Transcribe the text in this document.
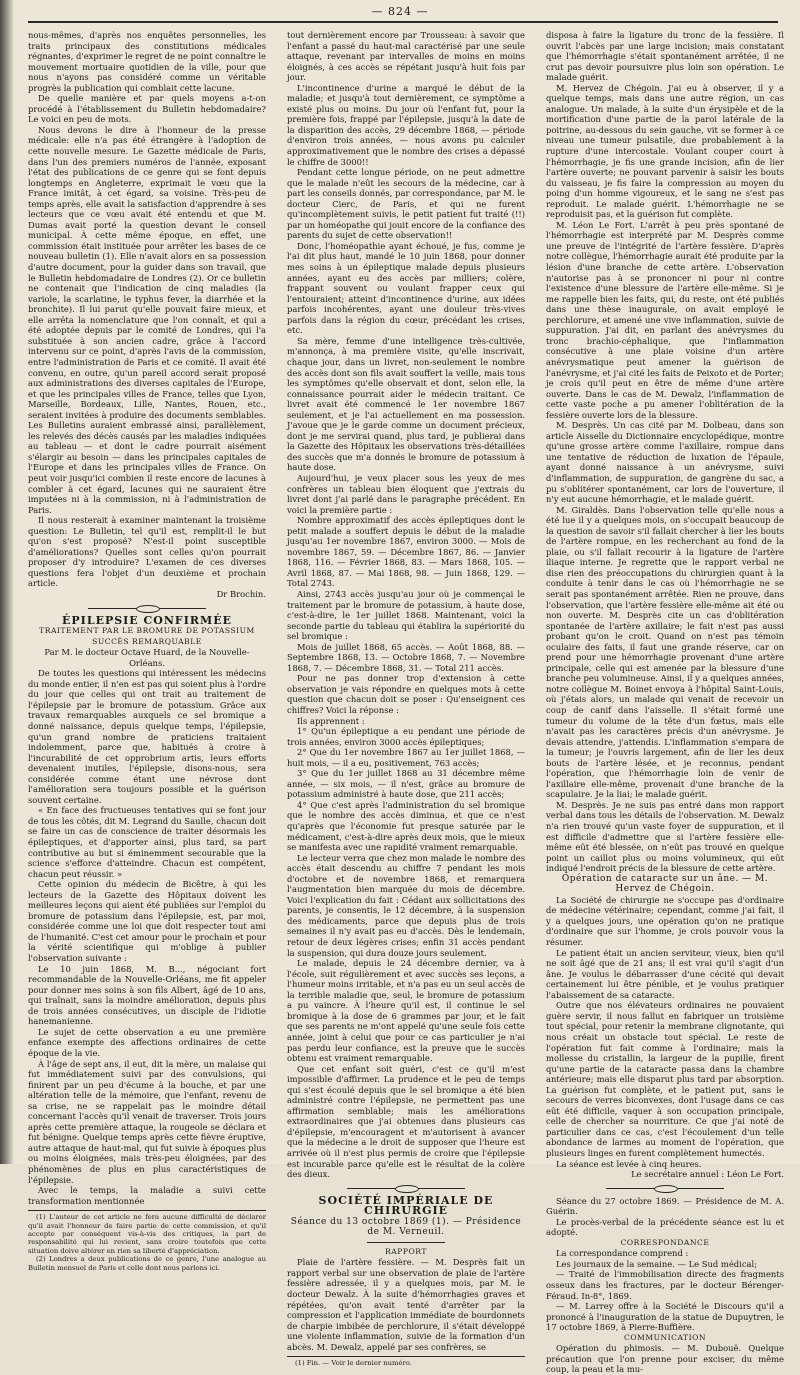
— 824 —

nous-mêmes, d'après nos enquêtes personnelles, les traits principaux des constitutions médicales régnantes, d'exprimer le regret de ne point connaître le mouvement mortuaire quotidien de la ville, pour que nous n'ayons pas considéré comme un véritable progrès la publication qui comblait cette lacune.

De quelle manière et par quels moyens a-t-on procédé à l'établissement du Bulletin hebdomadaire? Le voici en peu de mots.

Nous devons le dire à l'honneur de la presse médicale: elle n'a pas été étrangère à l'adoption de cette nouvelle mesure. Le Gazette médicale de Paris, dans l'un des premiers numéros de l'année, exposant l'état des publications de ce genre qui se font depuis longtemps en Angleterre, exprimait le vœu que la France imitât, à cet égard, sa voisine. Très-peu de temps après, elle avait la satisfaction d'apprendre à ses lecteurs que ce vœu avait été entendu et que M. Dumas avait porté la question devant le conseil municipal. À cette même époque, en effet, une commission était instituée pour arrêter les bases de ce nouveau bulletin (1). Elle n'avait alors en sa possession d'autre document, pour la guider dans son travail, que le Bulletin hebdomadaire de Londres (2). Or ce bulletin ne contenait que l'indication de cinq maladies (la variole, la scarlatine, le typhus fever, la diarrhée et la bronchite). Il lui parut qu'elle pouvait faire mieux, et elle arrêta la nomenclature que l'on connaît, et qui a été adoptée depuis par le comité de Londres, qui l'a substituée à son ancien cadre, grâce à l'accord intervenu sur ce point, d'après l'avis de la commission, entre l'administration de Paris et ce comité. Il avait été convenu, en outre, qu'un pareil accord serait proposé aux administrations des diverses capitales de l'Europe, et que les principales villes de France, telles que Lyon, Marseille, Bordeaux, Lille, Nantes, Rouen, etc., seraient invitées à produire des documents semblables. Les Bulletins auraient embrassé ainsi, parallèlement, les relevés des décès causés par les maladies indiquées au tableau — et dont le cadre pourrait aisément s'élargir au besoin — dans les principales capitales de l'Europe et dans les principales villes de France. On peut voir jusqu'ici combien il reste encore de lacunes à combler à cet égard, lacunes qui ne sauraient être imputées ni à la commission, ni à l'administration de Paris.

Il nous resterait à examiner maintenant la troisième question: Le Bulletin, tel qu'il est, remplit-il le but qu'on s'est proposé? N'est-il point susceptible d'améliorations? Quelles sont celles qu'on pourrait proposer d'y introduire? L'examen de ces diverses questions fera l'objet d'un deuxième et prochain article.

Dr Brochin.

ÉPILEPSIE CONFIRMÉE

TRAITEMENT PAR LE BROMURE DE POTASSIUM

SUCCÈS REMARQUABLE

Par M. le docteur Octave Huard, de la Nouvelle-Orléans.

De toutes les questions qui intéressent les médecins du monde entier, il n'en est pas qui soient plus à l'ordre du jour que celles qui ont trait au traitement de l'épilepsie par le bromure de potassium. Grâce aux travaux remarquables auxquels ce sel bromique a donné naissance, depuis quelque temps, l'épilepsie, qu'un grand nombre de praticiens traitaient indolemment, parce que, habitués à croire à l'incurabilité de cet opprobrium artis, leurs efforts devenaient inutiles, l'épilepsie, disons-nous, sera considérée comme étant une névrose dont l'amélioration sera toujours possible et la guérison souvent certaine.

« En face des fructueuses tentatives qui se font jour de tous les côtés, dit M. Legrand du Saulle, chacun doit se faire un cas de conscience de traiter désormais les épileptiques, et d'apporter ainsi, plus tard, sa part contributive au but si éminemment secourable que la science s'efforce d'atteindre. Chacun est compétent, chacun peut réussir. »

Cette opinion du médecin de Bicêtre, à qui les lecteurs de la Gazette des Hôpitaux doivent les meilleures leçons qui aient été publiées sur l'emploi du bromure de potassium dans l'épilepsie, est, par moi, considérée comme une loi que doit respecter tout ami de l'humanité. C'est cet amour pour le prochain et pour la vérité scientifique qui m'oblige à publier l'observation suivante :

Le 10 juin 1868, M. B..., négociant fort recommandable de la Nouvelle-Orléans, me fit appeler pour donner mes soins à son fils Albert, âgé de 10 ans, qui traînait, sans la moindre amélioration, depuis plus de trois années consécutives, un disciple de l'idiotie hanemanienne.

Le sujet de cette observation a eu une première enfance exempte des affections ordinaires de cette époque de la vie.

À l'âge de sept ans, il eut, dit la mère, un malaise qui fut immédiatement suivi par des convulsions, qui finirent par un peu d'écume à la bouche, et par une altération telle de la mémoire, que l'enfant, revenu de sa crise, ne se rappelait pas le moindre détail concernant l'accès qu'il venait de traverser. Trois jours après cette première attaque, la rougeole se déclara et fut bénigne. Quelque temps après cette fièvre éruptive, autre attaque de haut-mal, qui fut suivie à époques plus ou moins éloignées, mais très-peu éloignées, par des phénomènes de plus en plus caractéristiques de l'épilepsie.

Avec le temps, la maladie a suivi cette transformation mentionnée

(1) L'auteur de cet article ne fera aucune difficulté de déclarer qu'il avait l'honneur de faire partie de cette commission, et qu'il accepte par conséquent vis-à-vis des critiques, la part de responsabilité qui lui revient, sans croire toutefois que cette situation doive altérer en rien sa liberté d'appréciation.

(2) Londres a deux publications de ce genre, l'une analogue au Bulletin mensuel de Paris et celle dont nous parlons ici.

tout dernièrement encore par Trousseau: à savoir que l'enfant a passé du haut-mal caractérisé par une seule attaque, revenant par intervalles de moins en moins éloignés, à ces accès se répétant jusqu'à huit fois par jour.

L'incontinence d'urine a marqué le début de la maladie; et jusqu'à tout dernièrement, ce symptôme a existé plus ou moins. Du jour où l'enfant fut, pour la première fois, frappé par l'épilepsie, jusqu'à la date de la disparition des accès, 29 décembre 1868, — période d'environ trois années, — nous avons pu calculer approximativement que le nombre des crises a dépassé le chiffre de 3000!!

Pendant cette longue période, on ne peut admettre que le malade n'eût les secours de la médecine, car à part les conseils donnés, par correspondance, par M. le docteur Cierc, de Paris, et qui ne furent qu'incomplètement suivis, le petit patient fut traité (!!) par un homéopathe qui jouit encore de la confiance des parents du sujet de cette observation!!

Donc, l'homéopathie ayant échoué, je fus, comme je l'ai dit plus haut, mandé le 10 juin 1868, pour donner mes soins à un épileptique malade depuis plusieurs années, ayant eu des accès par milliers; colère, frappant souvent ou voulant frapper ceux qui l'entouraient; atteint d'incontinence d'urine, aux idées parfois incohérentes, ayant une douleur très-vives parfois dans la région du cœur, précédant les crises, etc.

Sa mère, femme d'une intelligence très-cultivée, m'annonça, à ma première visite, qu'elle inscrivait, chaque jour, dans un livret, non-seulement le nombre des accès dont son fils avait souffert la veille, mais tous les symptômes qu'elle observait et dont, selon elle, la connaissance pourrait aider le médecin traitant. Ce livret avait été commencé le 1er novembre 1867 seulement, et je l'ai actuellement en ma possession. J'avoue que je le garde comme un document précieux, dont je me servirai quand, plus tard, je publierai dans la Gazette des Hôpitaux les observations très-détaillées des succès que m'a donnés le bromure de potassium à haute dose.

Aujourd'hui, je veux placer sous les yeux de mes confrères un tableau bien éloquent que j'extrais du livret dont j'ai parlé dans le paragraphe précédent. En voici la première partie :

Nombre approximatif des accès épileptiques dont le petit malade a souffert depuis le début de la maladie jusqu'au 1er novembre 1867, environ 3000. — Mois de novembre 1867, 59. — Décembre 1867, 86. — Janvier 1868, 116. — Février 1868, 83. — Mars 1868, 105. — Avril 1868, 87. — Mai 1868, 98. — Juin 1868, 129. — Total 2743.

Ainsi, 2743 accès jusqu'au jour où je commençai le traitement par le bromure de potassium, à haute dose, c'est-à-dire, le 1er juillet 1868. Maintenant, voici la seconde partie du tableau qui établira la supériorité du sel bromique :

Mois de juillet 1868, 65 accès. — Août 1868, 88. — Septembre 1868, 13. — Octobre 1868, 7. — Novembre 1868, 7. — Décembre 1868, 31. — Total 211 accès.

Pour ne pas donner trop d'extension à cette observation je vais répondre en quelques mots à cette question que chacun doit se poser : Qu'enseignent ces chiffres? Voici la réponse :

Ils apprennent :

1° Qu'un épileptique a eu pendant une période de trois années, environ 3000 accès épileptiques;

2° Que du 1er novembre 1867 au 1er juillet 1868, — huit mois, — il a eu, positivement, 763 accès;

3° Que du 1er juillet 1868 au 31 décembre même année, — six mois, — il n'est, grâce au bromure de potassium administré à haute dose, que 211 accès;

4° Que c'est après l'administration du sel bromique que le nombre des accès diminua, et que ce n'est qu'après que l'économie fut presque saturée par le médicament, c'est-à-dire après deux mois, que le mieux se manifesta avec une rapidité vraiment remarquable.

Le lecteur verra que chez mon malade le nombre des accès était descendu au chiffre 7 pendant les mois d'octobre et de novembre 1868, et remarquera l'augmentation bien marquée du mois de décembre. Voici l'explication du fait : Cédant aux sollicitations des parents, je consentis, le 12 décembre, à la suspension des médicaments, parce que depuis plus de trois semaines il n'y avait pas eu d'accès. Dès le lendemain, retour de deux légères crises; enfin 31 accès pendant la suspension, qui dura douze jours seulement.

Le malade, depuis le 24 décembre dernier, va à l'école, suit régulièrement et avec succès ses leçons, a l'humeur moins irritable, et n'a pas eu un seul accès de la terrible maladie que, seul, le bromure de potassium a pu vaincre. À l'heure qu'il est, il continue le sel bromique à la dose de 6 grammes par jour, et le fait que ses parents ne m'ont appelé qu'une seule fois cette année, joint à celui que pour ce cas particulier je n'ai pas perdu leur confiance, est la preuve que le succès obtenu est vraiment remarquable.

Que cet enfant soit guéri, c'est ce qu'il m'est impossible d'affirmer. La prudence et le peu de temps qui s'est écoulé depuis que le sel bromique a été bien administré contre l'épilepsie, ne permettent pas une affirmation semblable; mais les améliorations extraordinaires que j'ai obtenues dans plusieurs cas d'épilepsie, m'encouragent et m'autorisent à avancer que la médecine a le droit de supposer que l'heure est arrivée où il n'est plus permis de croire que l'épilepsie est incurable parce qu'elle est le résultat de la colère des dieux.

SOCIÉTÉ IMPÉRIALE DE CHIRURGIE

Séance du 13 octobre 1869 (1). — Présidence de M. Verneuil.

RAPPORT

Plaie de l'artère fessière. — M. Desprès fait un rapport verbal sur une observation de plaie de l'artère fessière adressée, il y a quelques mois, par M. le docteur Dewalz. À la suite d'hémorrhagies graves et répétées, qu'on avait tenté d'arrêter par la compression et l'application immédiate de bourdonnets de charpie imbibée de perchlorure, il s'était développé une violente inflammation, suivie de la formation d'un abcès. M. Dewalz, appelé par ses confrères, se

(1) Fin. — Voir le dernier numéro.

disposa à faire la ligature du tronc de la fessière. Il ouvrit l'abcès par une large incision; mais constatant que l'hémorrhagie s'était spontanément arrêtée, il ne crut pas devoir poursuivre plus loin son opération. Le malade guérit.

M. Hervez de Chégoin. J'ai eu à observer, il y a quelque temps, mais dans une autre région, un cas analogue. Un malade, à la suite d'un érysipèle et de la mortification d'une partie de la paroi latérale de la poitrine, au-dessous du sein gauche, vit se former à ce niveau une tumeur pulsatile, due probablement à la rupture d'une intercostale. Voulant couper court à l'hémorrhagie, je fis une grande incision, afin de lier l'artère ouverte; ne pouvant parvenir à saisir les bouts du vaisseau, je fis faire la compression au moyen du poing d'un homme vigoureux, et le sang ne s'est pas reproduit. Le malade guérit. L'hémorrhagie ne se reproduisit pas, et la guérison fut complète.

M. Léon Le Fort. L'arrêt à peu près spontané de l'hémorrhagie est interprété par M. Desprès comme une preuve de l'intégrité de l'artère fessière. D'après notre collègue, l'hémorrhagie aurait été produite par la lésion d'une branche de cette artère. L'observation n'autorise pas à se prononcer ni pour ni contre l'existence d'une blessure de l'artère elle-même. Si je me rappelle bien les faits, qui, du reste, ont été publiés dans une thèse inaugurale, on avait employé le perchlorure, et amené une vive inflammation, suivie de suppuration. J'ai dit, en parlant des anévrysmes du tronc brachio-céphalique, que l'inflammation consécutive à une plaie voisine d'un artère anévrysmatique peut amener la guérison de l'anévrysme, et j'ai cité les faits de Peixoto et de Porter; je crois qu'il peut en être de même d'une artère ouverte. Dans le cas de M. Dewalz, l'inflammation de cette vaste poche a pu amener l'oblitération de la fessière ouverte lors de la blessure.

M. Desprès. Un cas cité par M. Dolbeau, dans son article Aisselle du Dictionnaire encyclopédique, montre qu'une grosse artère comme l'axillaire, rompue dans une tentative de réduction de luxation de l'épaule, ayant donné naissance à un anévrysme, suivi d'inflammation, de suppuration, de gangrène du sac, a pu s'oblitérer spontanément, car lors de l'ouverture, il n'y eut aucune hémorrhagie, et le malade guérit.

M. Giraldès. Dans l'observation telle qu'elle nous a été lue il y a quelques mois, on s'occupait beaucoup de la question de savoir s'il fallait chercher à lier les bouts de l'artère rompue, en les recherchant au fond de la plaie, ou s'il fallait recourir à la ligature de l'artère iliaque interne. Je regrette que le rapport verbal ne dise rien des préoccupations du chirurgien quant à la conduite à tenir dans le cas où l'hémorrhagie ne se serait pas spontanément arrêtée. Rien ne prouve, dans l'observation, que l'artère fessière elle-même ait été ou non ouverte. M. Desprès cite un cas d'oblitération spontanée de l'artère axillaire; le fait n'est pas aussi probant qu'on le croit. Quand on n'est pas témoin oculaire des faits, il faut une grande réserve, car on prend pour une hémorrhagie provenant d'une artère principale, celle qui est amenée par la blessure d'une branche peu volumineuse. Ainsi, il y a quelques années, notre collègue M. Boinet envoya à l'hôpital Saint-Louis, où j'étais alors, un malade qui venait de recevoir un coup de canif dans l'aisselle. Il s'était formé une tumeur du volume de la tête d'un fœtus, mais elle n'avait pas les caractères précis d'un anévrysme. Je devais attendre, j'attendis. L'inflammation s'empara de la tumeur; je l'ouvris largement, afin de lier les deux bouts de l'artère lésée, et je reconnus, pendant l'opération, que l'hémorrhagie loin de venir de l'axillaire elle-même, provenait d'une branche de la scapulaire. Je la liai; le malade guérit.

M. Desprès. Je ne suis pas entré dans mon rapport verbal dans tous les détails de l'observation. M. Dewalz n'a rien trouvé qu'un vaste foyer de suppuration, et il est difficile d'admettre que si l'artère fessière elle-même eût été blessée, on n'eût pas trouvé en quelque point un caillot plus ou moins volumineux, qui eût indiqué l'endroit précis de la blessure de cette artère.

Opération de cataracte sur un âne. — M. Hervez de Chégoin.

La Société de chirurgie ne s'occupe pas d'ordinaire de médecine vétérinaire; cependant, comme j'ai fait, il y a quelques jours, une opération qu'on ne pratique d'ordinaire que sur l'homme, je crois pouvoir vous la résumer.

Le patient était un ancien serviteur, vieux, bien qu'il ne soit âgé que de 21 ans; il est vrai qu'il s'agit d'un âne. Je voulus le débarrasser d'une cécité qui devait certainement lui être pénible, et je voulus pratiquer l'abaissement de sa cataracte.

Outre que nos élévateurs ordinaires ne pouvaient guère servir, il nous fallut en fabriquer un troisième tout spécial, pour retenir la membrane clignotante, qui nous créait un obstacle tout spécial. Le reste de l'opération fut fait comme à l'ordinaire; mais la mollesse du cristallin, la largeur de la pupille, firent qu'une partie de la cataracte passa dans la chambre antérieure; mais elle disparut plus tard par absorption. La guérison fut complète, et le patient put, sans le secours de verres biconvexes, dont l'usage dans ce cas eût été difficile, vaquer à son occupation principale, celle de chercher sa nourriture. Ce que j'ai noté de particulier dans ce cas, c'est l'écoulement d'un telle abondance de larmes au moment de l'opération, que plusieurs linges en furent complètement humectés.

La séance est levée à cinq heures.

Le secrétaire annuel : Léon Le Fort.

Séance du 27 octobre 1869. — Présidence de M. A. Guérin.

Le procès-verbal de la précédente séance est lu et adopté.

CORRESPONDANCE

La correspondance comprend :

Les journaux de la semaine. — Le Sud médical;

— Traité de l'immobilisation directe des fragments osseux dans les fractures, par le docteur Bérenger-Féraud. In-8°, 1869.

— M. Larrey offre à la Société le Discours qu'il a prononcé à l'inauguration de la statue de Dupuytren, le 17 octobre 1869, à Pierre-Buffière.

COMMUNICATION

Opération du phimosis. — M. Dubouë. Quelque précaution que l'on prenne pour exciser, du même coup, la peau et la mu-
